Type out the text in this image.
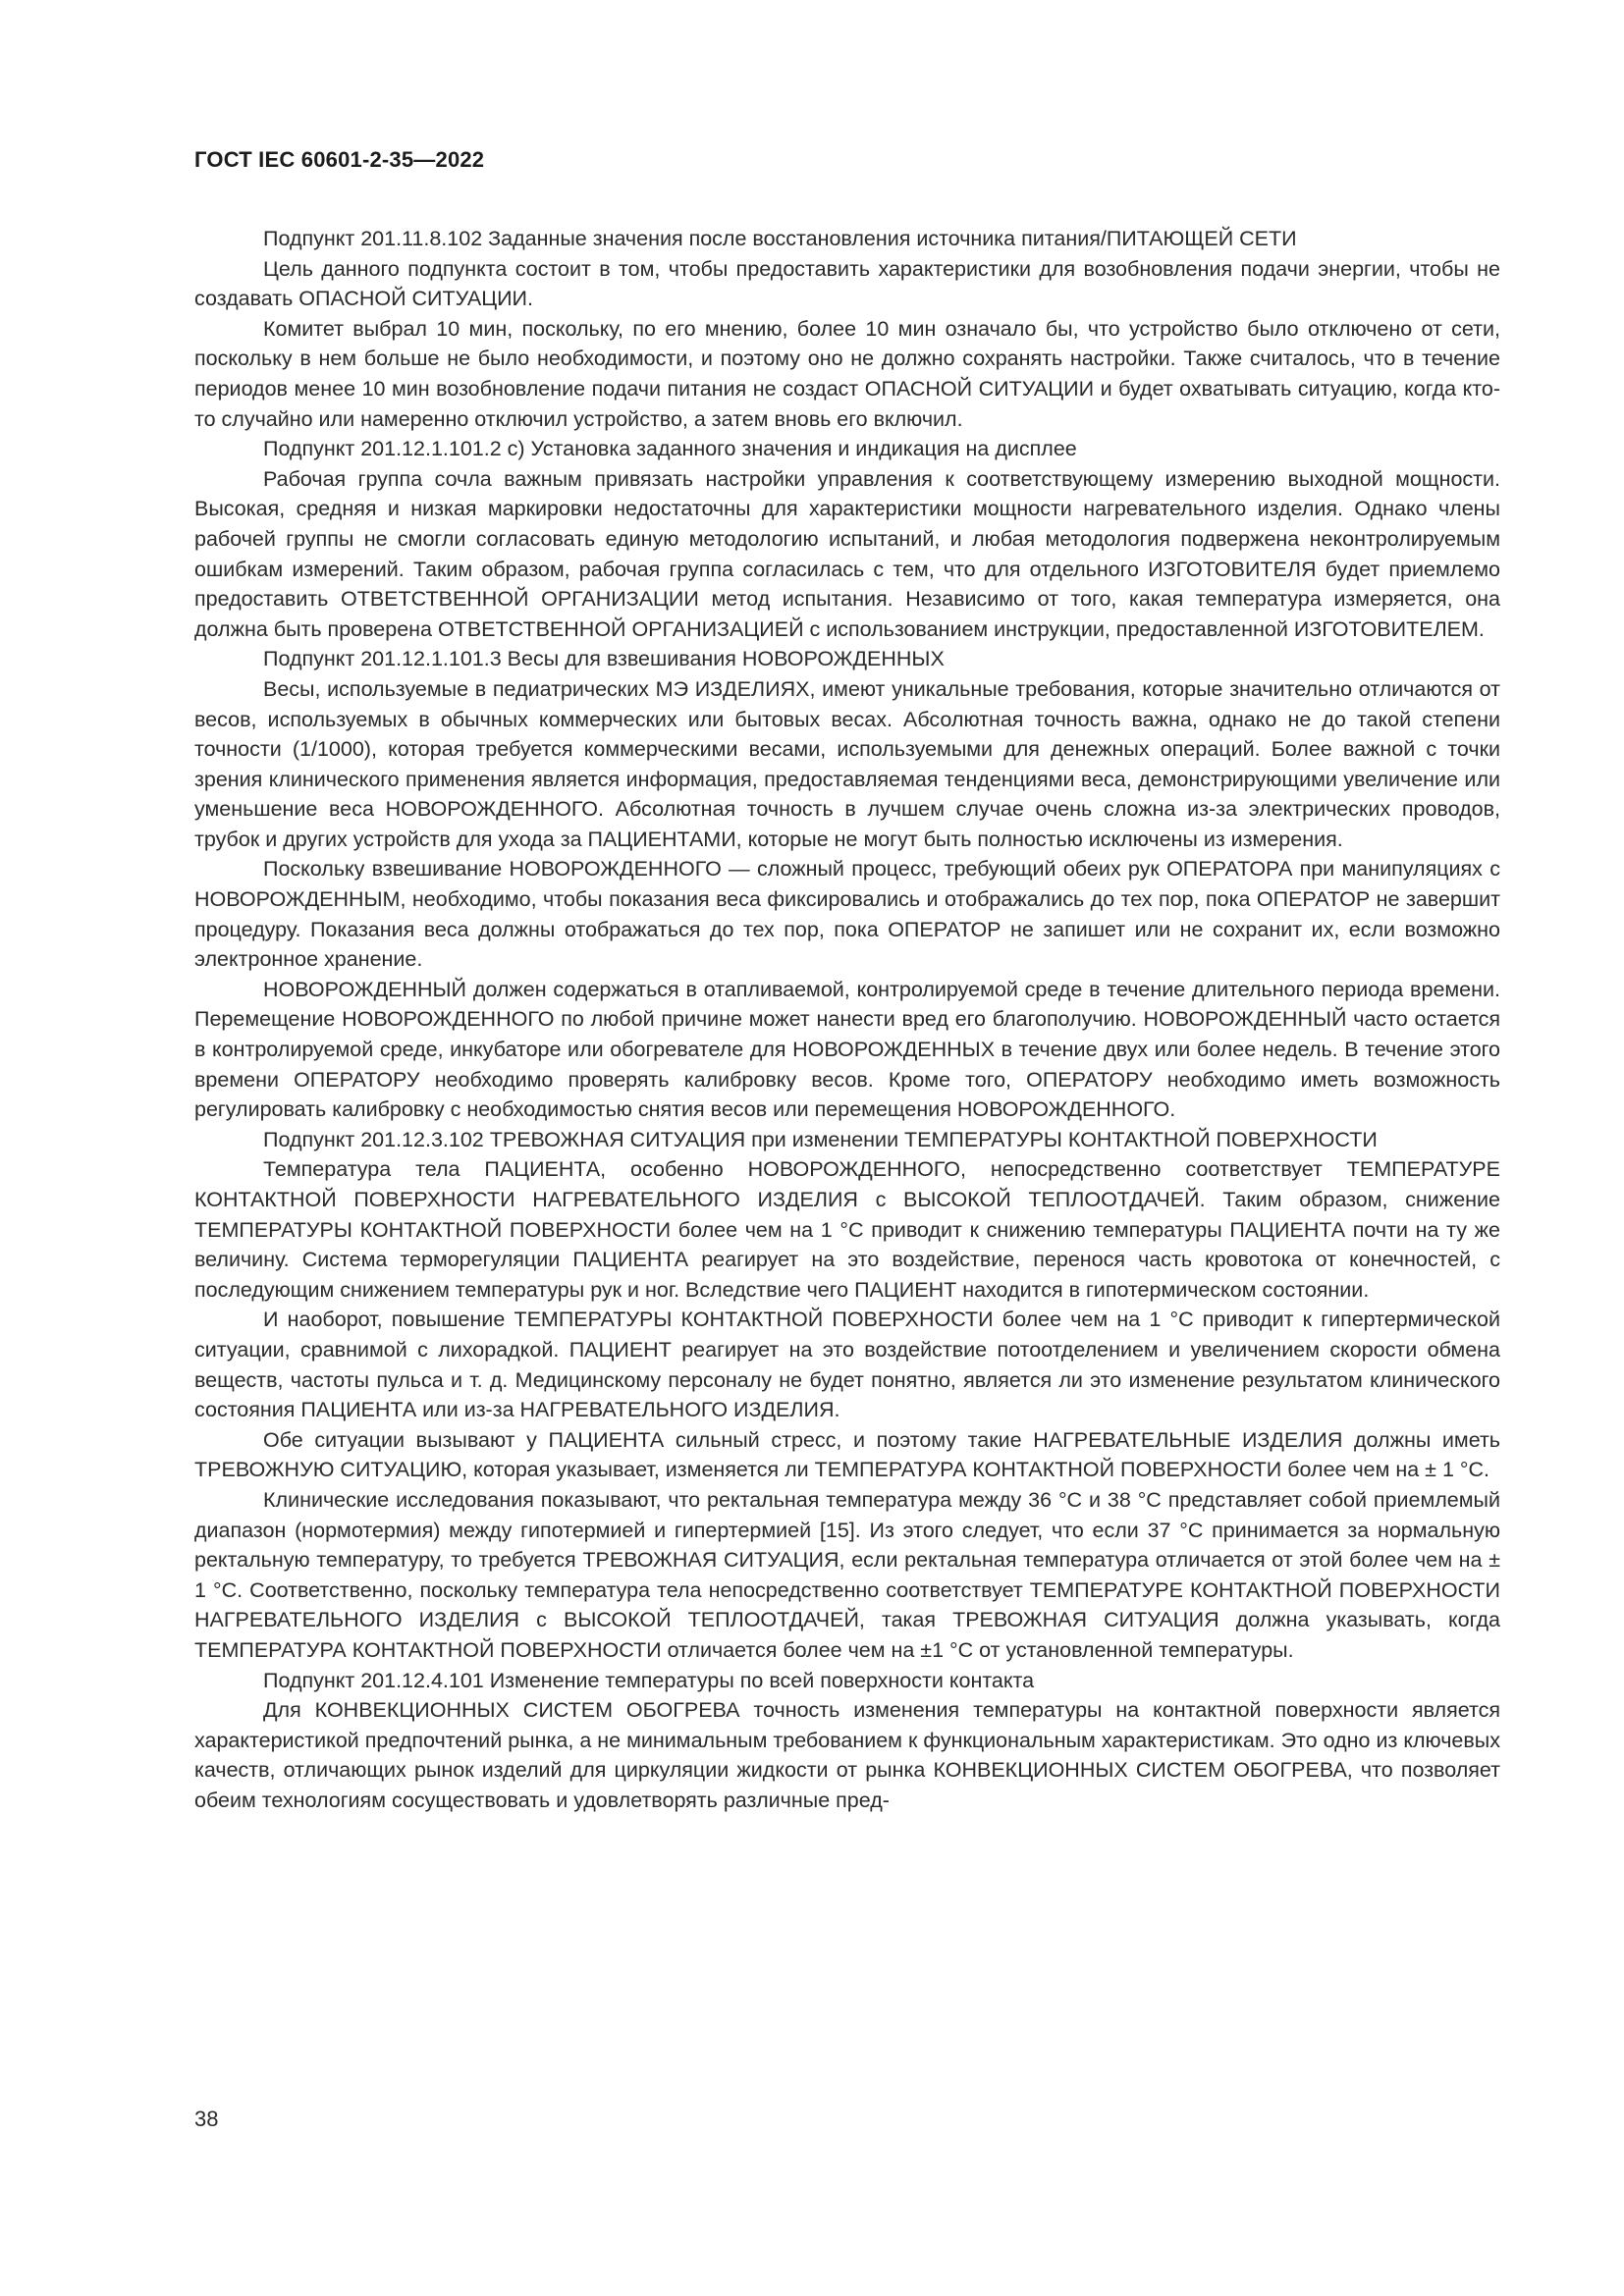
ГОСТ IEC 60601-2-35—2022

Подпункт 201.11.8.102 Заданные значения после восстановления источника питания/ПИТАЮЩЕЙ СЕТИ

Цель данного подпункта состоит в том, чтобы предоставить характеристики для возобновления подачи энергии, чтобы не создавать ОПАСНОЙ СИТУАЦИИ.

Комитет выбрал 10 мин, поскольку, по его мнению, более 10 мин означало бы, что устройство было отключено от сети, поскольку в нем больше не было необходимости, и поэтому оно не должно сохранять настройки. Также считалось, что в течение периодов менее 10 мин возобновление подачи питания не создаст ОПАСНОЙ СИТУАЦИИ и будет охватывать ситуацию, когда кто-то случайно или намеренно отключил устройство, а затем вновь его включил.

Подпункт 201.12.1.101.2 с) Установка заданного значения и индикация на дисплее

Рабочая группа сочла важным привязать настройки управления к соответствующему измерению выходной мощности. Высокая, средняя и низкая маркировки недостаточны для характеристики мощности нагревательного изделия. Однако члены рабочей группы не смогли согласовать единую методологию испытаний, и любая методология подвержена неконтролируемым ошибкам измерений. Таким образом, рабочая группа согласилась с тем, что для отдельного ИЗГОТОВИТЕЛЯ будет приемлемо предоставить ОТВЕТСТВЕННОЙ ОРГАНИЗАЦИИ метод испытания. Независимо от того, какая температура измеряется, она должна быть проверена ОТВЕТСТВЕННОЙ ОРГАНИЗАЦИЕЙ с использованием инструкции, предоставленной ИЗГОТОВИТЕЛЕМ.

Подпункт 201.12.1.101.3 Весы для взвешивания НОВОРОЖДЕННЫХ

Весы, используемые в педиатрических МЭ ИЗДЕЛИЯХ, имеют уникальные требования, которые значительно отличаются от весов, используемых в обычных коммерческих или бытовых весах. Абсолютная точность важна, однако не до такой степени точности (1/1000), которая требуется коммерческими весами, используемыми для денежных операций. Более важной с точки зрения клинического применения является информация, предоставляемая тенденциями веса, демонстрирующими увеличение или уменьшение веса НОВОРОЖДЕННОГО. Абсолютная точность в лучшем случае очень сложна из-за электрических проводов, трубок и других устройств для ухода за ПАЦИЕНТАМИ, которые не могут быть полностью исключены из измерения.

Поскольку взвешивание НОВОРОЖДЕННОГО — сложный процесс, требующий обеих рук ОПЕРАТОРА при манипуляциях с НОВОРОЖДЕННЫМ, необходимо, чтобы показания веса фиксировались и отображались до тех пор, пока ОПЕРАТОР не завершит процедуру. Показания веса должны отображаться до тех пор, пока ОПЕРАТОР не запишет или не сохранит их, если возможно электронное хранение.

НОВОРОЖДЕННЫЙ должен содержаться в отапливаемой, контролируемой среде в течение длительного периода времени. Перемещение НОВОРОЖДЕННОГО по любой причине может нанести вред его благополучию. НОВОРОЖДЕННЫЙ часто остается в контролируемой среде, инкубаторе или обогревателе для НОВОРОЖДЕННЫХ в течение двух или более недель. В течение этого времени ОПЕРАТОРУ необходимо проверять калибровку весов. Кроме того, ОПЕРАТОРУ необходимо иметь возможность регулировать калибровку с необходимостью снятия весов или перемещения НОВОРОЖДЕННОГО.

Подпункт 201.12.3.102 ТРЕВОЖНАЯ СИТУАЦИЯ при изменении ТЕМПЕРАТУРЫ КОНТАКТНОЙ ПОВЕРХНОСТИ

Температура тела ПАЦИЕНТА, особенно НОВОРОЖДЕННОГО, непосредственно соответствует ТЕМПЕРАТУРЕ КОНТАКТНОЙ ПОВЕРХНОСТИ НАГРЕВАТЕЛЬНОГО ИЗДЕЛИЯ с ВЫСОКОЙ ТЕПЛООТДАЧЕЙ. Таким образом, снижение ТЕМПЕРАТУРЫ КОНТАКТНОЙ ПОВЕРХНОСТИ более чем на 1 °C приводит к снижению температуры ПАЦИЕНТА почти на ту же величину. Система терморегуляции ПАЦИЕНТА реагирует на это воздействие, перенося часть кровотока от конечностей, с последующим снижением температуры рук и ног. Вследствие чего ПАЦИЕНТ находится в гипотермическом состоянии.

И наоборот, повышение ТЕМПЕРАТУРЫ КОНТАКТНОЙ ПОВЕРХНОСТИ более чем на 1 °C приводит к гипертермической ситуации, сравнимой с лихорадкой. ПАЦИЕНТ реагирует на это воздействие потоотделением и увеличением скорости обмена веществ, частоты пульса и т. д. Медицинскому персоналу не будет понятно, является ли это изменение результатом клинического состояния ПАЦИЕНТА или из-за НАГРЕВАТЕЛЬНОГО ИЗДЕЛИЯ.

Обе ситуации вызывают у ПАЦИЕНТА сильный стресс, и поэтому такие НАГРЕВАТЕЛЬНЫЕ ИЗДЕЛИЯ должны иметь ТРЕВОЖНУЮ СИТУАЦИЮ, которая указывает, изменяется ли ТЕМПЕРАТУРА КОНТАКТНОЙ ПОВЕРХНОСТИ более чем на ± 1 °C.

Клинические исследования показывают, что ректальная температура между 36 °C и 38 °C представляет собой приемлемый диапазон (нормотермия) между гипотермией и гипертермией [15]. Из этого следует, что если 37 °C принимается за нормальную ректальную температуру, то требуется ТРЕВОЖНАЯ СИТУАЦИЯ, если ректальная температура отличается от этой более чем на ± 1 °C. Соответственно, поскольку температура тела непосредственно соответствует ТЕМПЕРАТУРЕ КОНТАКТНОЙ ПОВЕРХНОСТИ НАГРЕВАТЕЛЬНОГО ИЗДЕЛИЯ с ВЫСОКОЙ ТЕПЛООТДАЧЕЙ, такая ТРЕВОЖНАЯ СИТУАЦИЯ должна указывать, когда ТЕМПЕРАТУРА КОНТАКТНОЙ ПОВЕРХНОСТИ отличается более чем на ±1 °C от установленной температуры.

Подпункт 201.12.4.101 Изменение температуры по всей поверхности контакта

Для КОНВЕКЦИОННЫХ СИСТЕМ ОБОГРЕВА точность изменения температуры на контактной поверхности является характеристикой предпочтений рынка, а не минимальным требованием к функциональным характеристикам. Это одно из ключевых качеств, отличающих рынок изделий для циркуляции жидкости от рынка КОНВЕКЦИОННЫХ СИСТЕМ ОБОГРЕВА, что позволяет обеим технологиям сосуществовать и удовлетворять различные пред-

38
